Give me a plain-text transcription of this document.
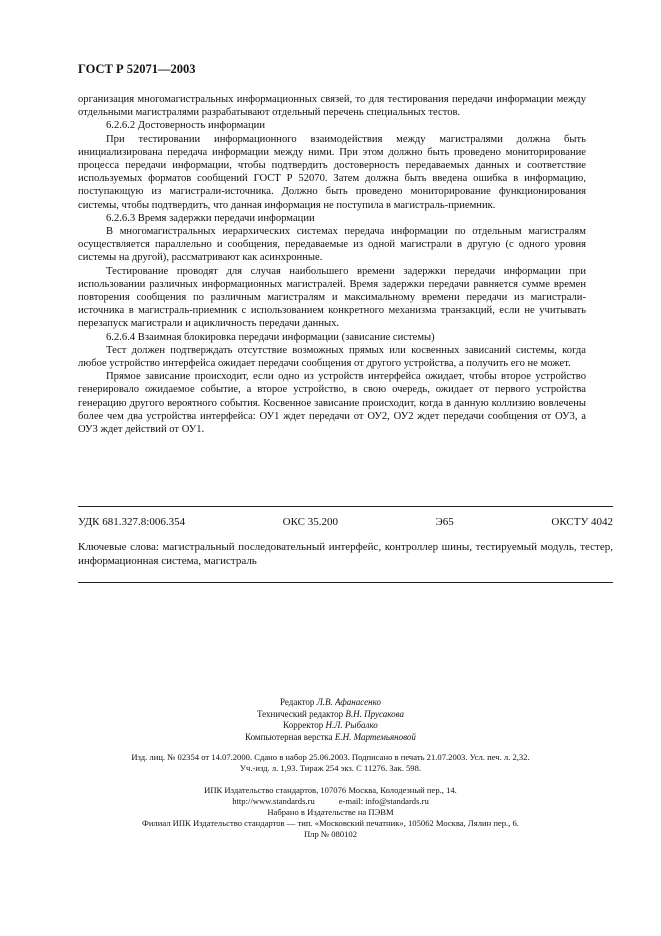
ГОСТ Р 52071—2003

организация многомагистральных информационных связей, то для тестирования передачи информации между отдельными магистралями разрабатывают отдельный перечень специальных тестов.

6.2.6.2 Достоверность информации

При тестировании информационного взаимодействия между магистралями должна быть инициализирована передача информации между ними. При этом должно быть проведено мониторирование процесса передачи информации, чтобы подтвердить достоверность передаваемых данных и соответствие используемых форматов сообщений ГОСТ Р 52070. Затем должна быть введена ошибка в информацию, поступающую из магистрали-источника. Должно быть проведено мониторирование функционирования системы, чтобы подтвердить, что данная информация не поступила в магистраль-приемник.

6.2.6.3 Время задержки передачи информации

В многомагистральных иерархических системах передача информации по отдельным магистралям осуществляется параллельно и сообщения, передаваемые из одной магистрали в другую (с одного уровня системы на другой), рассматривают как асинхронные.

Тестирование проводят для случая наибольшего времени задержки передачи информации при использовании различных информационных магистралей. Время задержки передачи равняется сумме времен повторения сообщения по различным магистралям и максимальному времени передачи из магистрали-источника в магистраль-приемник с использованием конкретного механизма транзакций, если не учитывать перезапуск магистрали и ацикличность передачи данных.

6.2.6.4 Взаимная блокировка передачи информации (зависание системы)

Тест должен подтверждать отсутствие возможных прямых или косвенных зависаний системы, когда любое устройство интерфейса ожидает передачи сообщения от другого устройства, а получить его не может.

Прямое зависание происходит, если одно из устройств интерфейса ожидает, чтобы второе устройство генерировало ожидаемое событие, а второе устройство, в свою очередь, ожидает от первого устройства генерацию другого вероятного события. Косвенное зависание происходит, когда в данную коллизию вовлечены более чем два устройства интерфейса: ОУ1 ждет передачи от ОУ2, ОУ2 ждет передачи сообщения от ОУ3, а ОУ3 ждет действий от ОУ1.

УДК 681.327.8:006.354	ОКС 35.200	Э65	ОКСТУ 4042
Ключевые слова: магистральный последовательный интерфейс, контроллер шины, тестируемый модуль, тестер, информационная система, магистраль
Редактор Л.В. Афанасенко
Технический редактор В.Н. Прусакова
Корректор Н.Л. Рыбалко
Компьютерная верстка Е.Н. Мартемьяновой
Изд. лиц. № 02354 от 14.07.2000. Сдано в набор 25.06.2003. Подписано в печать 21.07.2003. Усл. печ. л. 2,32.
Уч.-изд. л. 1,93. Тираж 254 экз. С 11276. Зак. 598.
ИПК Издательство стандартов, 107076 Москва, Колодезный пер., 14.
http://www.standards.ru	e-mail: info@standards.ru
Набрано в Издательстве на ПЭВМ
Филиал ИПК Издательство стандартов — тип. «Московский печатник», 105062 Москва, Лялин пер., 6.
Плр № 080102
